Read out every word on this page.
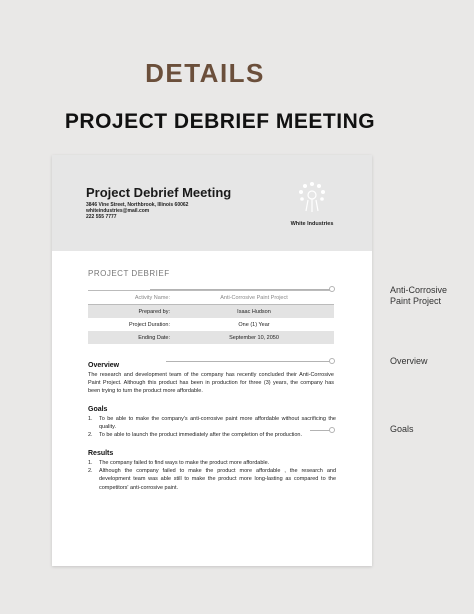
DETAILS
PROJECT DEBRIEF MEETING
Project Debrief Meeting
3846 Vine Street, Northbrook, Illinois 60062
whiteindustries@mail.com
222 555 7777
White Industries
PROJECT DEBRIEF
Activity Name:	Anti-Corrosive Paint Project
Prepared by:	Isaac Hudson
Project Duration:	One (1) Year
Ending Date:	September 10, 2050
Overview
The research and development team of the company has recently concluded their Anti-Corrosive Paint Project. Although this product has been in production for three (3) years, the company has been trying to turn the product more affordable.
Goals
1. To be able to make the company's anti-corrosive paint more affordable without sacrificing the quality.
2. To be able to launch the product immediately after the completion of the production.
Results
1. The company failed to find ways to make the product more affordable.
2. Although the company failed to make the product more affordable , the research and development team was able still to make the product more long-lasting as compared to the competitors' anti-corrosive paint.
Anti-Corrosive Paint Project
Overview
Goals
